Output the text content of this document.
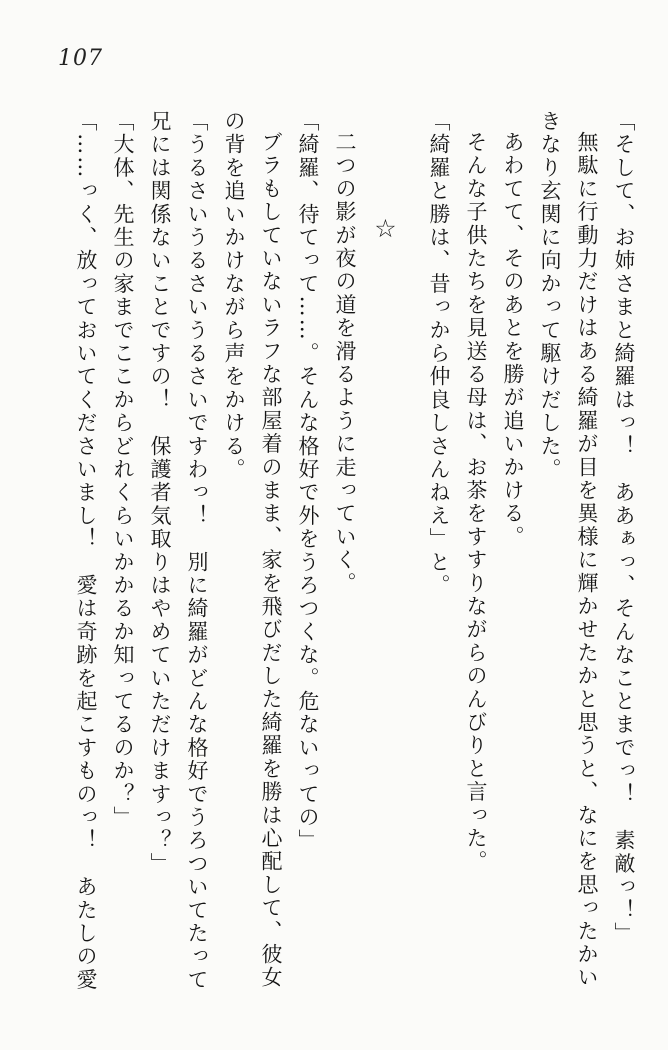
107

「そして、お姉さまと綺羅はっ！　ああぁっ、そんなことまでっ！　素敵っ！」

無駄に行動力だけはある綺羅が目を異様に輝かせたかと思うと、なにを思ったかいきなり玄関に向かって駆けだした。

あわてて、そのあとを勝が追いかける。

そんな子供たちを見送る母は、お茶をすすりながらのんびりと言った。

「綺羅と勝は、昔っから仲良しさんねえ」と。

☆

二つの影が夜の道を滑るように走っていく。

「綺羅、待てって……。そんな格好で外をうろつくな。危ないっての」

ブラもしていないラフな部屋着のまま、家を飛びだした綺羅を勝は心配して、彼女の背を追いかけながら声をかける。

「うるさいうるさいうるさいですわっ！　別に綺羅がどんな格好でうろついてたって兄には関係ないことですの！　保護者気取りはやめていただけますっ？」

「大体、先生の家までここからどれくらいかかるか知ってるのか？」

「……っく、放っておいてくださいまし！　愛は奇跡を起こすものっ！　あたしの愛
